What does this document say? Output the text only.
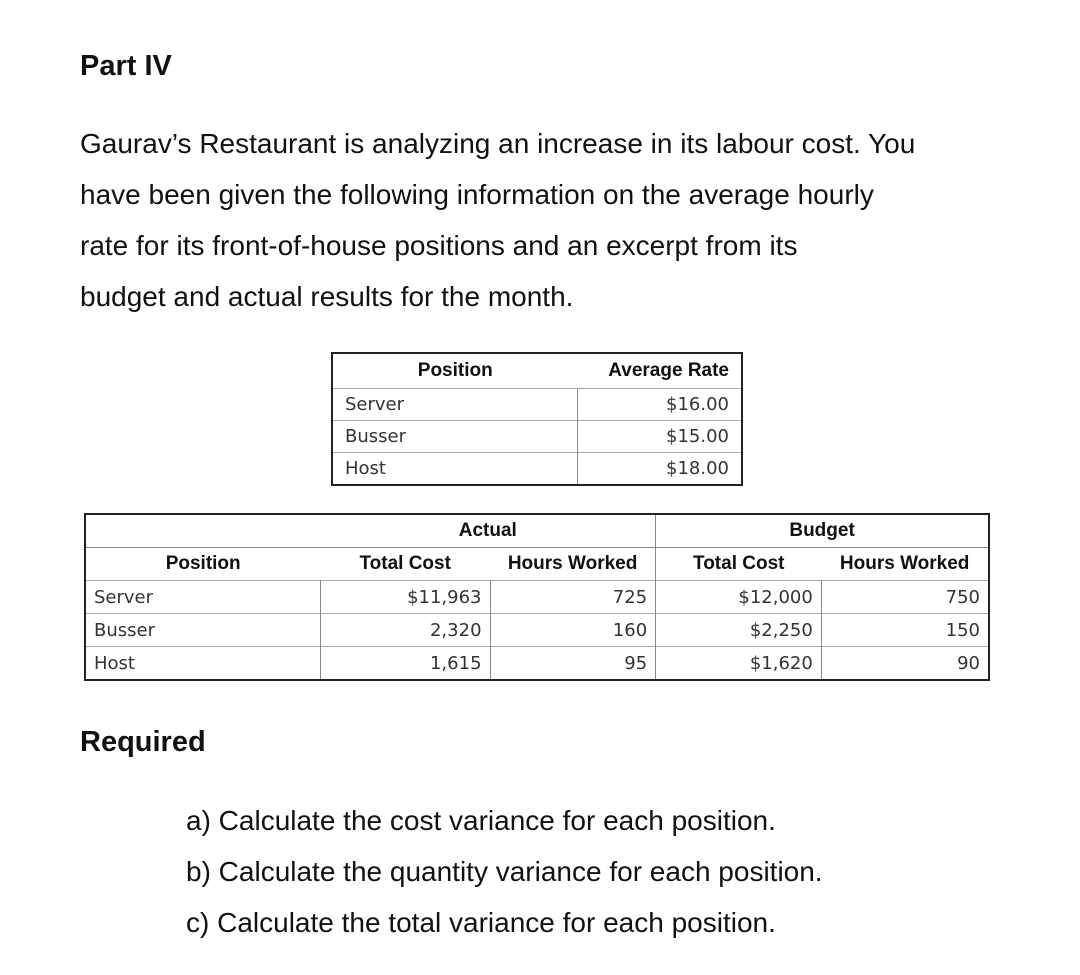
Part IV

Gaurav’s Restaurant is analyzing an increase in its labour cost. You
have been given the following information on the average hourly
rate for its front-of-house positions and an excerpt from its
budget and actual results for the month.

Position	Average Rate
Server	$16.00
Busser	$15.00
Host	$18.00
	Actual		Budget	
Position	Total Cost	Hours Worked	Total Cost	Hours Worked
Server	$11,963	725	$12,000	750
Busser	2,320	160	$2,250	150
Host	1,615	95	$1,620	90
Required
a) Calculate the cost variance for each position.
b) Calculate the quantity variance for each position.
c) Calculate the total variance for each position.
